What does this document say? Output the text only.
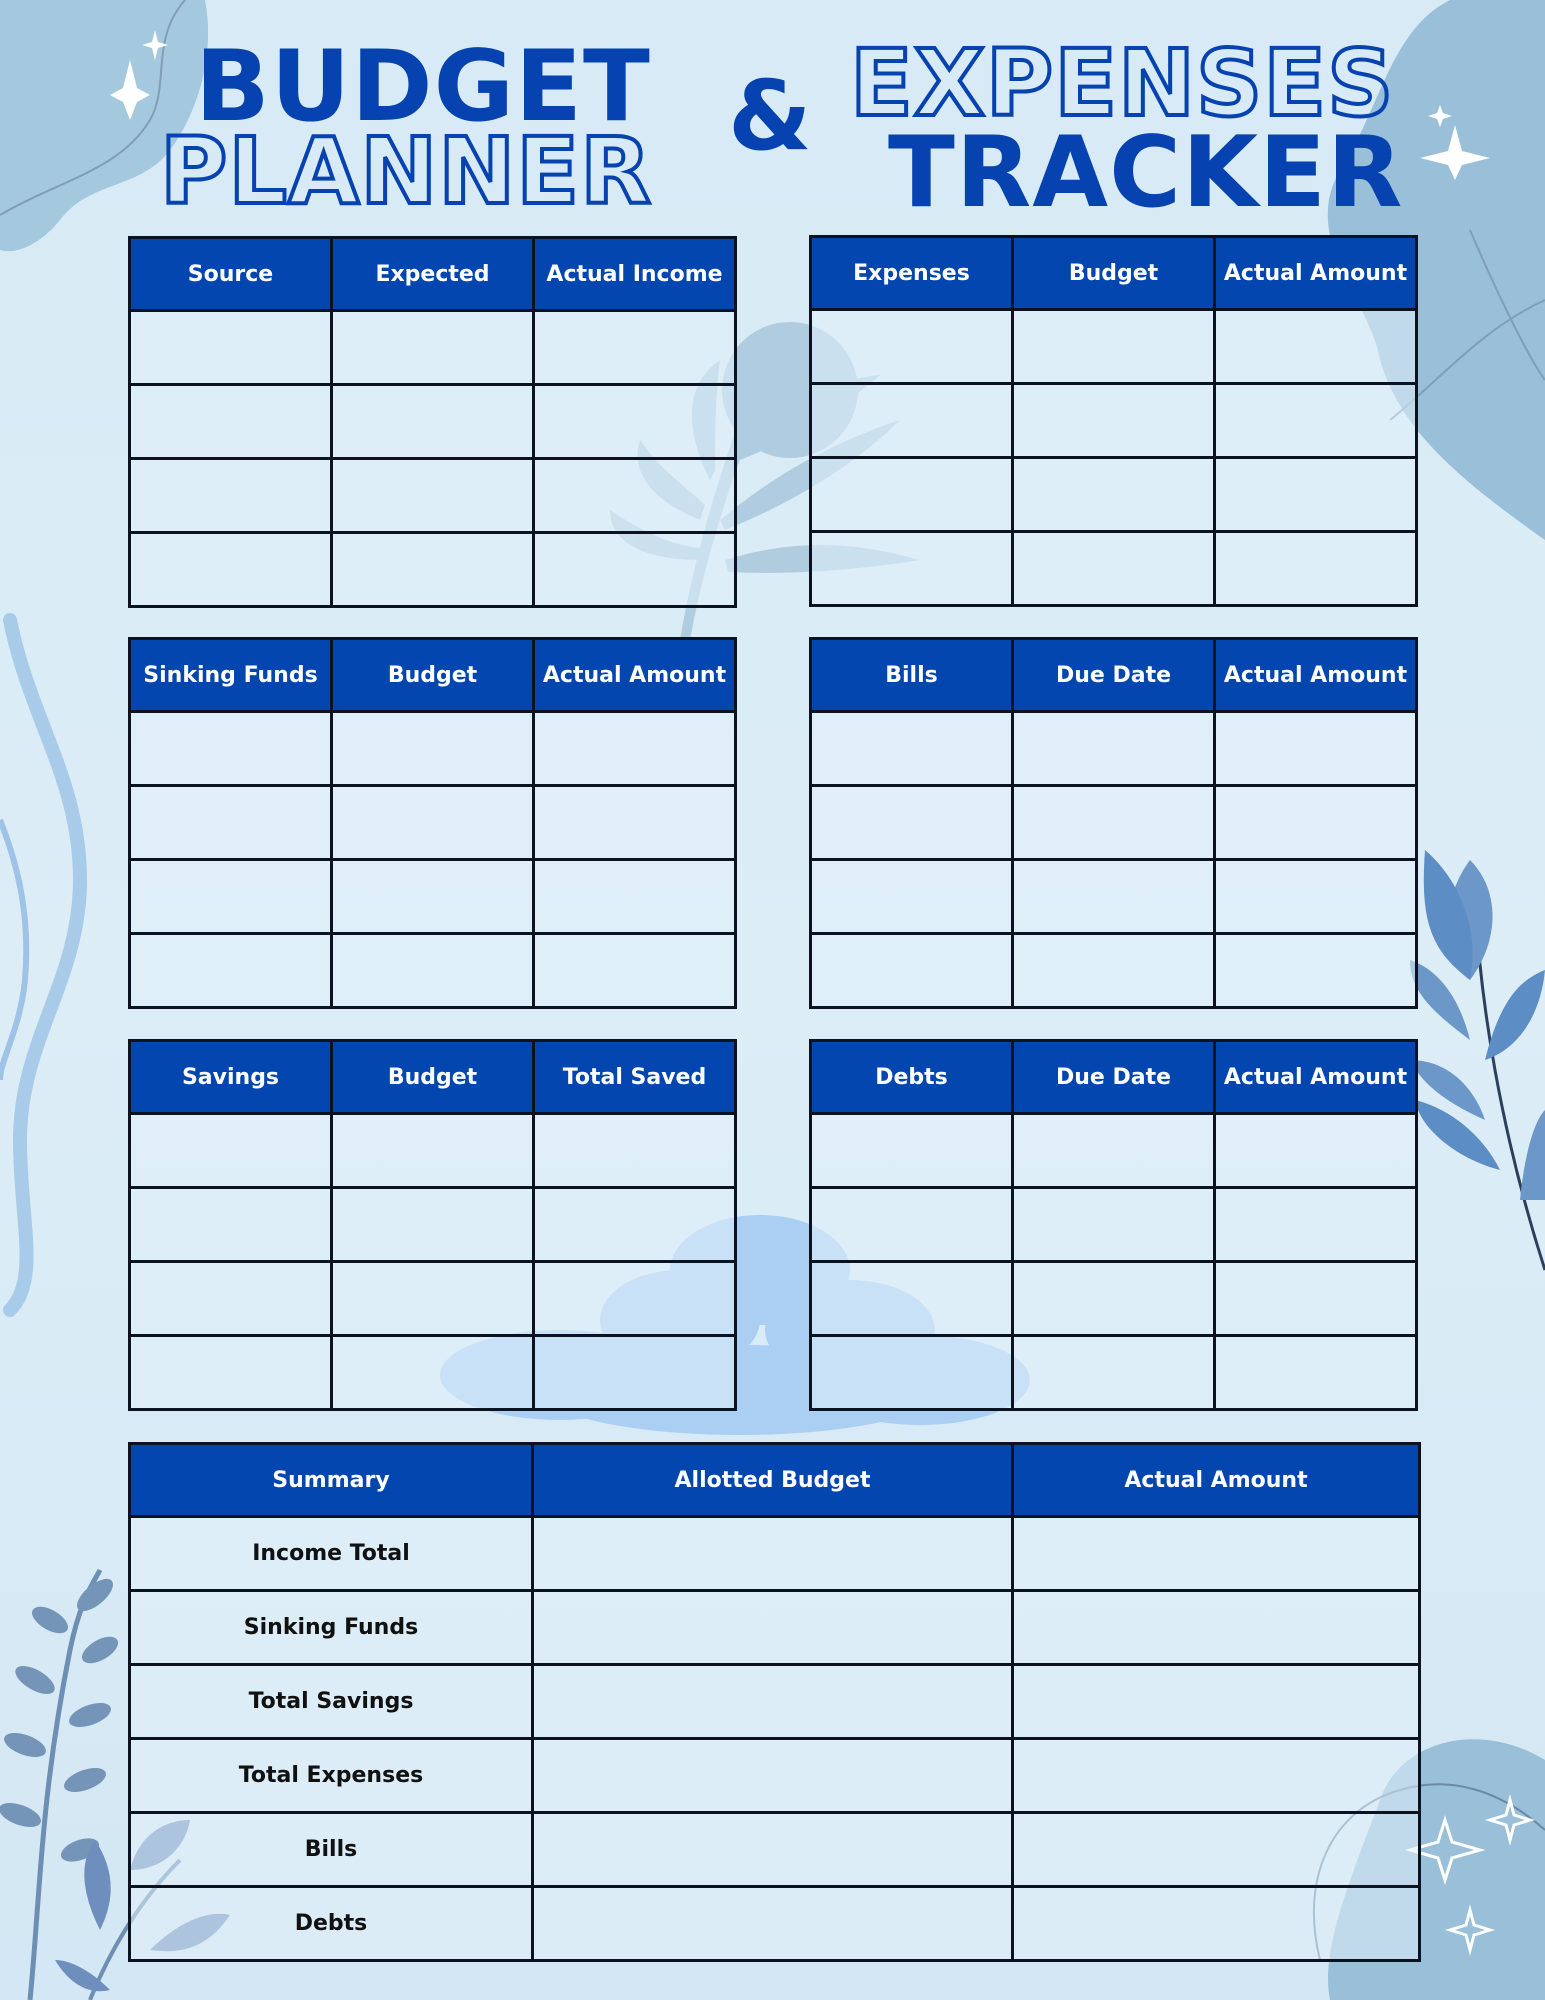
BUDGET
PLANNER & EXPENSES
TRACKER
Source	Expected	Actual Income

			Expenses	Budget	Actual Amount

Sinking Funds	Budget	Actual Amount

			Bills	Due Date	Actual Amount

Savings	Budget	Total Saved

			Debts	Due Date	Actual Amount

Summary	Allotted Budget	Actual Amount
Income Total		
Sinking Funds		
Total Savings		
Total Expenses		
Bills		
Debts		
